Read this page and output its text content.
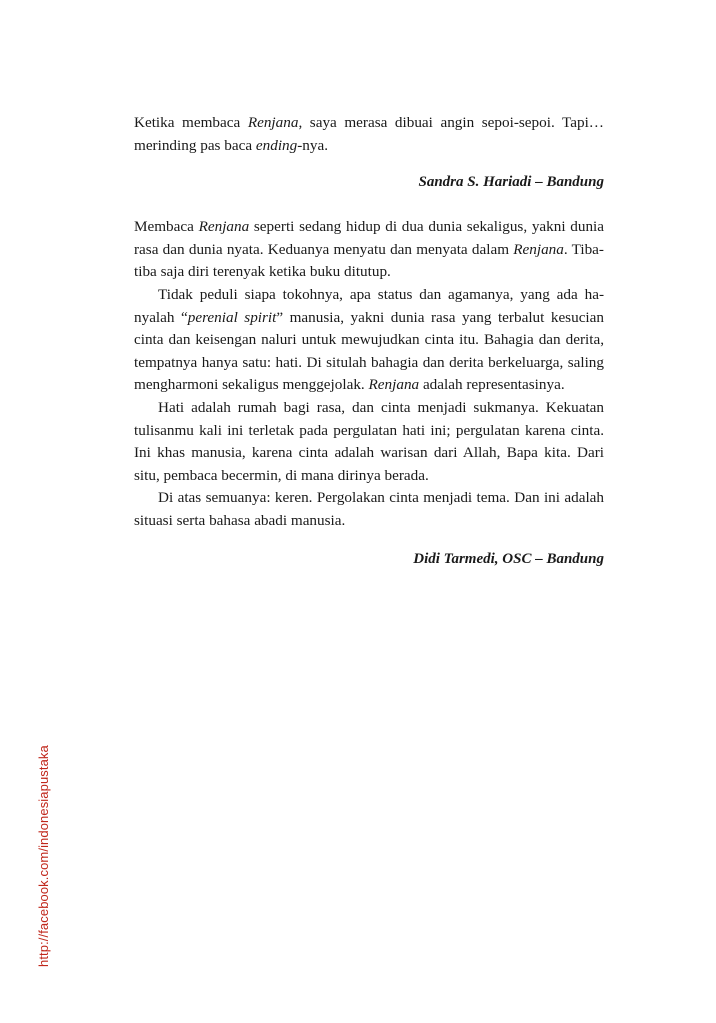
Ketika membaca Renjana, saya merasa dibuai angin sepoi-sepoi. Tapi… merinding pas baca ending-nya.

Sandra S. Hariadi – Bandung

Membaca Renjana seperti sedang hidup di dua dunia sekaligus, yakni dunia rasa dan dunia nyata. Keduanya menyatu dan menyata dalam Renjana. Tiba-tiba saja diri terenyak ketika buku ditutup.

Tidak peduli siapa tokohnya, apa status dan agamanya, yang ada hanyalah “perenial spirit” manusia, yakni dunia rasa yang terbalut kesucian cinta dan keisengan naluri untuk mewujudkan cinta itu. Bahagia dan derita, tempatnya hanya satu: hati. Di situlah bahagia dan derita berkeluarga, saling mengharmoni sekaligus menggejolak. Renjana adalah representasinya.

Hati adalah rumah bagi rasa, dan cinta menjadi sukmanya. Kekuatan tulisanmu kali ini terletak pada pergulatan hati ini; pergulatan karena cinta. Ini khas manusia, karena cinta adalah warisan dari Allah, Bapa kita. Dari situ, pembaca becermin, di mana dirinya berada.

Di atas semuanya: keren. Pergolakan cinta menjadi tema. Dan ini adalah situasi serta bahasa abadi manusia.

Didi Tarmedi, OSC – Bandung
http://facebook.com/indonesiapustaka
